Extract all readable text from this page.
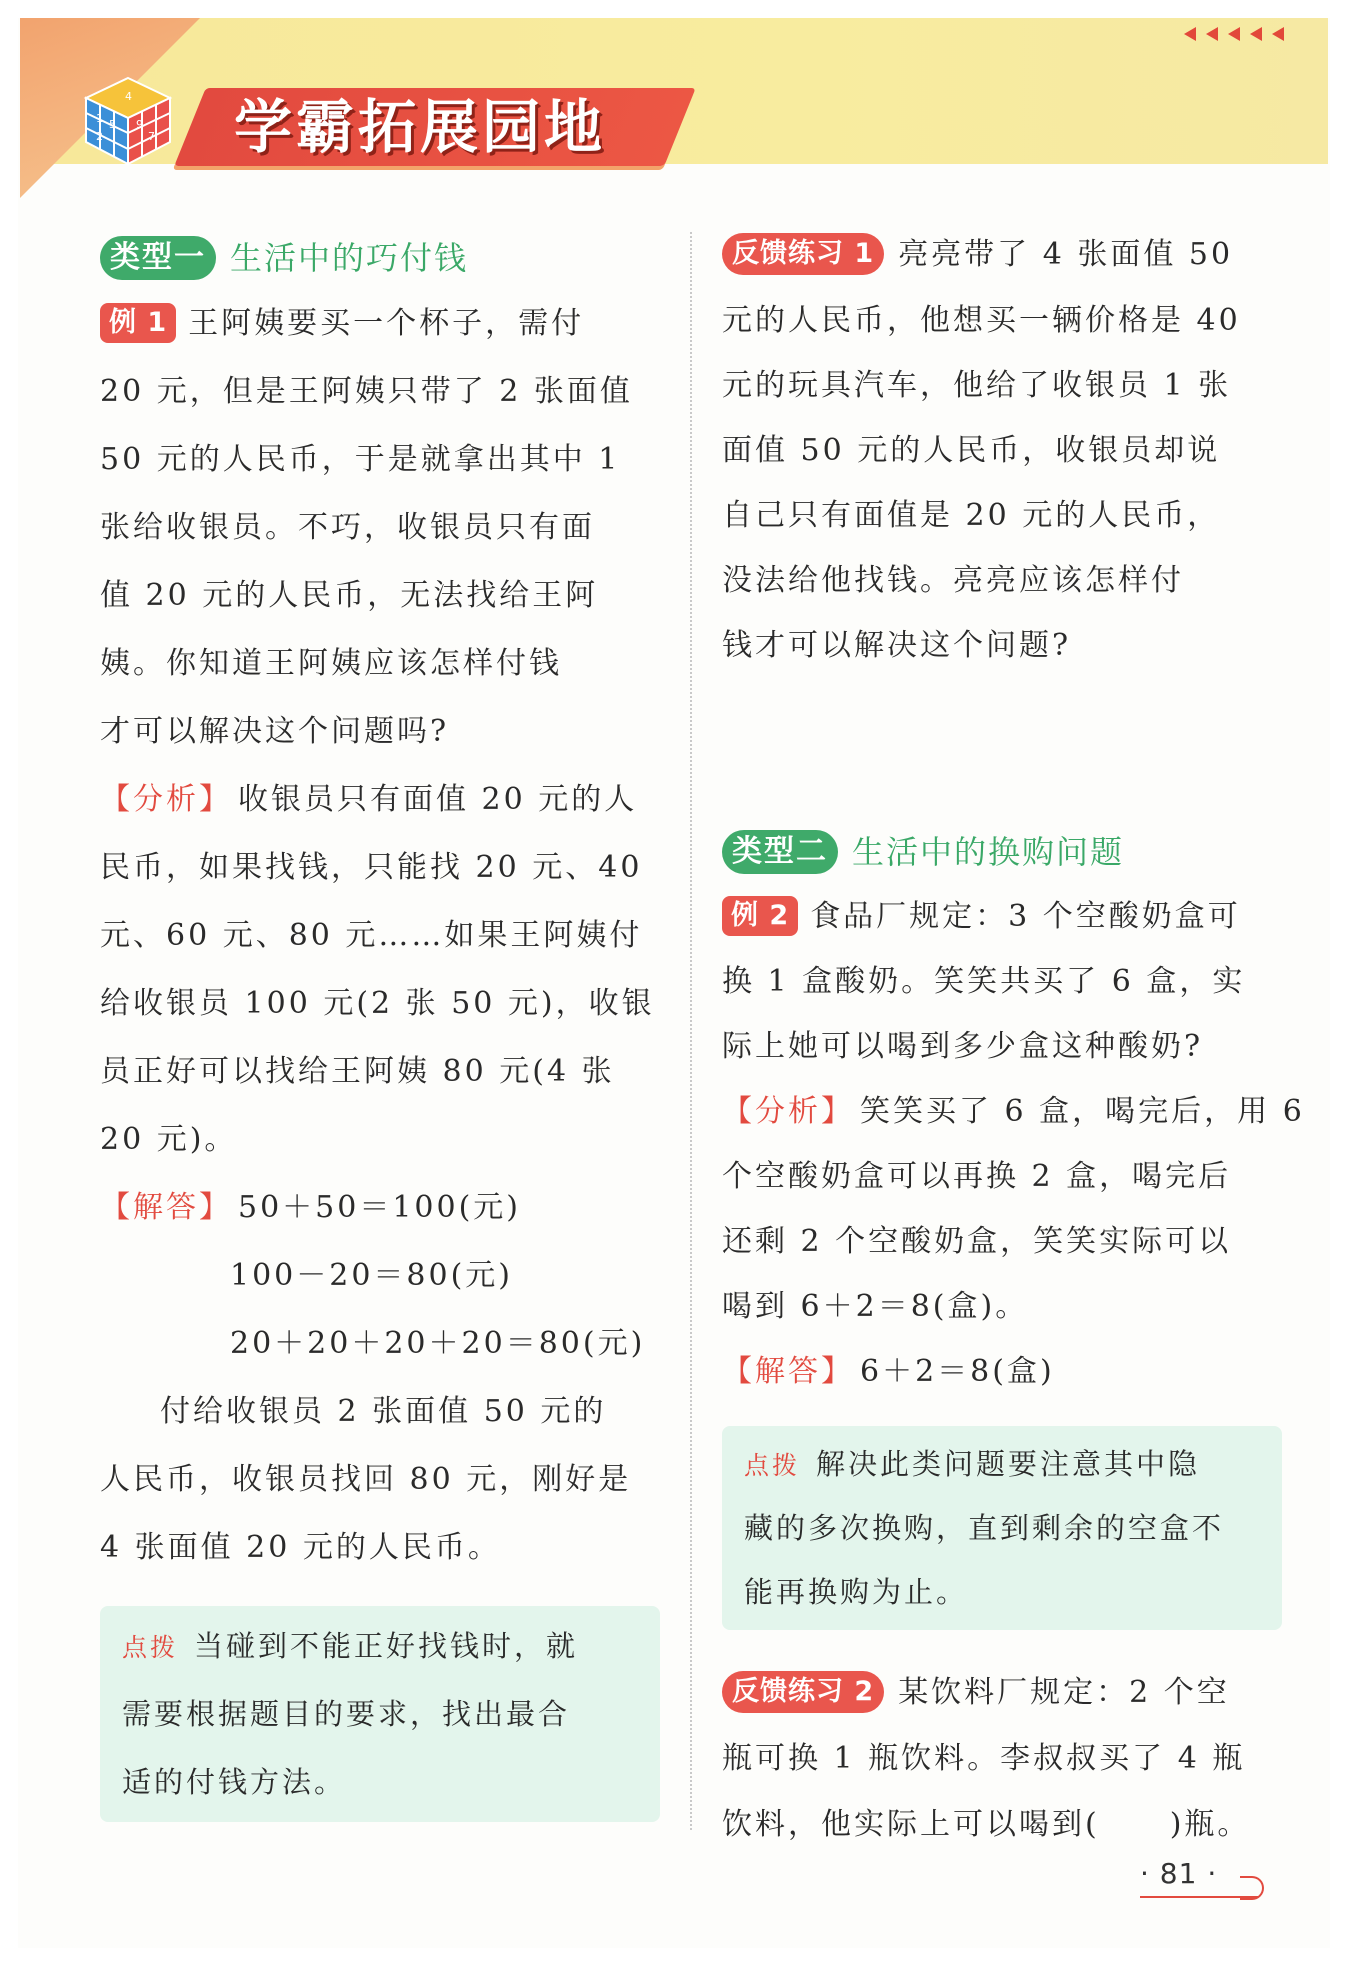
学霸拓展园地
1 5 9
4
2	7
类型一 生活中的巧付钱
例 1 王阿姨要买一个杯子，需付
20 元，但是王阿姨只带了 2 张面值
50 元的人民币，于是就拿出其中 1
张给收银员。不巧，收银员只有面
值 20 元的人民币，无法找给王阿
姨。你知道王阿姨应该怎样付钱
才可以解决这个问题吗?
【分析】 收银员只有面值 20 元的人
民币，如果找钱，只能找 20 元、40
元、60 元、80 元……如果王阿姨付
给收银员 100 元(2 张 50 元)，收银
员正好可以找给王阿姨 80 元(4 张
20 元)。
【解答】 50＋50＝100(元)
100－20＝80(元)
20＋20＋20＋20＝80(元)
付给收银员 2 张面值 50 元的
人民币，收银员找回 80 元，刚好是
4 张面值 20 元的人民币。
点拨 当碰到不能正好找钱时，就
需要根据题目的要求，找出最合
适的付钱方法。
反馈练习 1 亮亮带了 4 张面值 50
元的人民币，他想买一辆价格是 40
元的玩具汽车，他给了收银员 1 张
面值 50 元的人民币，收银员却说
自己只有面值是 20 元的人民币，
没法给他找钱。亮亮应该怎样付
钱才可以解决这个问题?
类型二 生活中的换购问题
例 2 食品厂规定：3 个空酸奶盒可
换 1 盒酸奶。笑笑共买了 6 盒，实
际上她可以喝到多少盒这种酸奶?
【分析】 笑笑买了 6 盒，喝完后，用 6
个空酸奶盒可以再换 2 盒，喝完后
还剩 2 个空酸奶盒，笑笑实际可以
喝到 6＋2＝8(盒)。
【解答】 6＋2＝8(盒)
点拨 解决此类问题要注意其中隐
藏的多次换购，直到剩余的空盒不
能再换购为止。
反馈练习 2 某饮料厂规定：2 个空
瓶可换 1 瓶饮料。李叔叔买了 4 瓶
饮料，他实际上可以喝到( )瓶。
· 81 ·
